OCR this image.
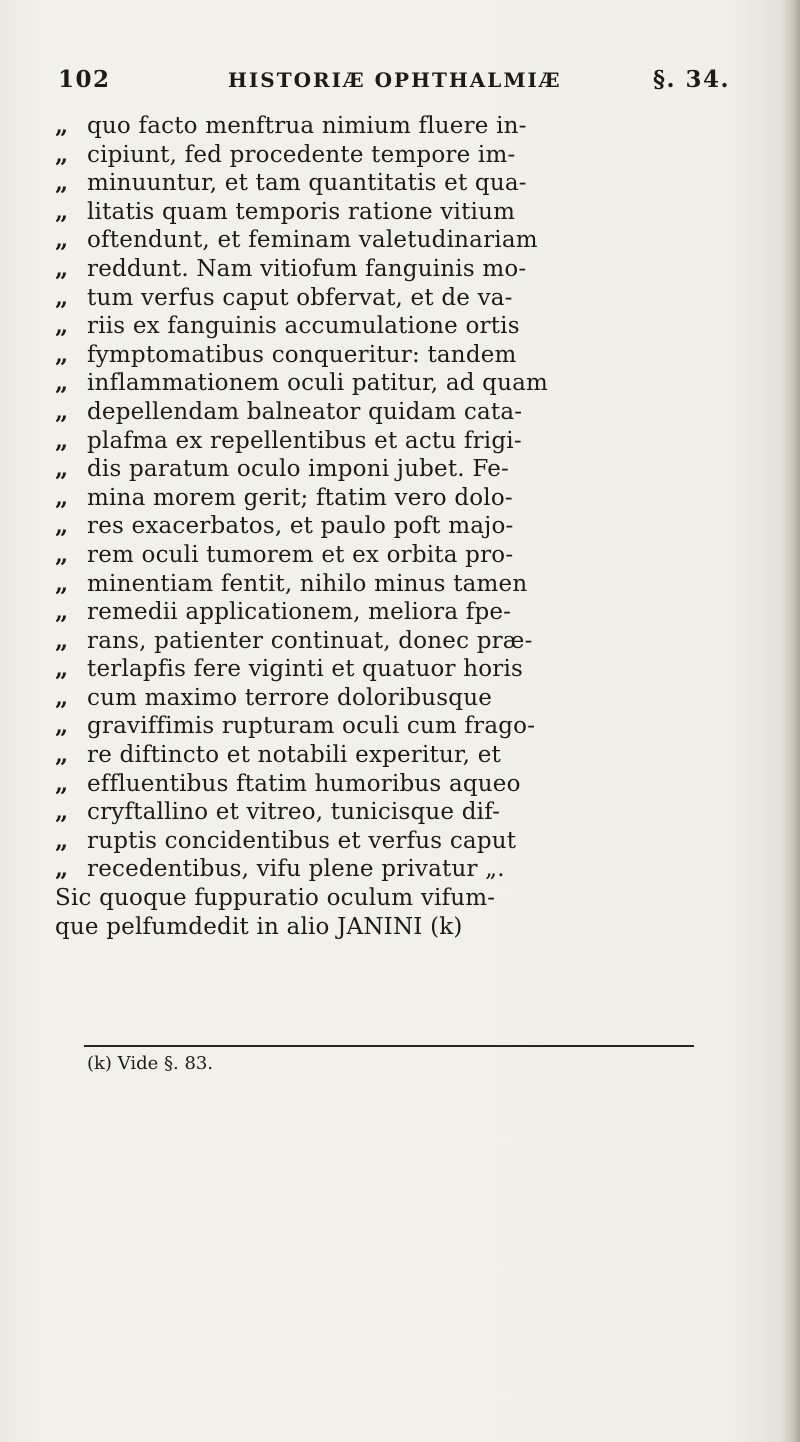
102	HISTORIÆ OPHTHALMIÆ	§. 34.
„ quo facto menftrua nimium fluere in-
„ cipiunt, fed procedente tempore im-
„ minuuntur, et tam quantitatis et qua-
„ litatis quam temporis ratione vitium
„ oftendunt, et feminam valetudinariam
„ reddunt. Nam vitiofum fanguinis mo-
„ tum verfus caput obfervat, et de va-
„ riis ex fanguinis accumulatione ortis
„ fymptomatibus conqueritur: tandem
„ inflammationem oculi patitur, ad quam
„ depellendam balneator quidam cata-
„ plafma ex repellentibus et actu frigi-
„ dis paratum oculo imponi jubet. Fe-
„ mina morem gerit; ftatim vero dolo-
„ res exacerbatos, et paulo poft majo-
„ rem oculi tumorem et ex orbita pro-
„ minentiam fentit, nihilo minus tamen
„ remedii applicationem, meliora fpe-
„ rans, patienter continuat, donec præ-
„ terlapfis fere viginti et quatuor horis
„ cum maximo terrore doloribusque
„ graviffimis rupturam oculi cum frago-
„ re diftincto et notabili experitur, et
„ effluentibus ftatim humoribus aqueo
„ cryftallino et vitreo, tunicisque dif-
„ ruptis concidentibus et verfus caput
„ recedentibus, vifu plene privatur „.
Sic quoque fuppuratio oculum vifum-
que pelfumdedit in alio JANINI (k)
(k) Vide §. 83.
